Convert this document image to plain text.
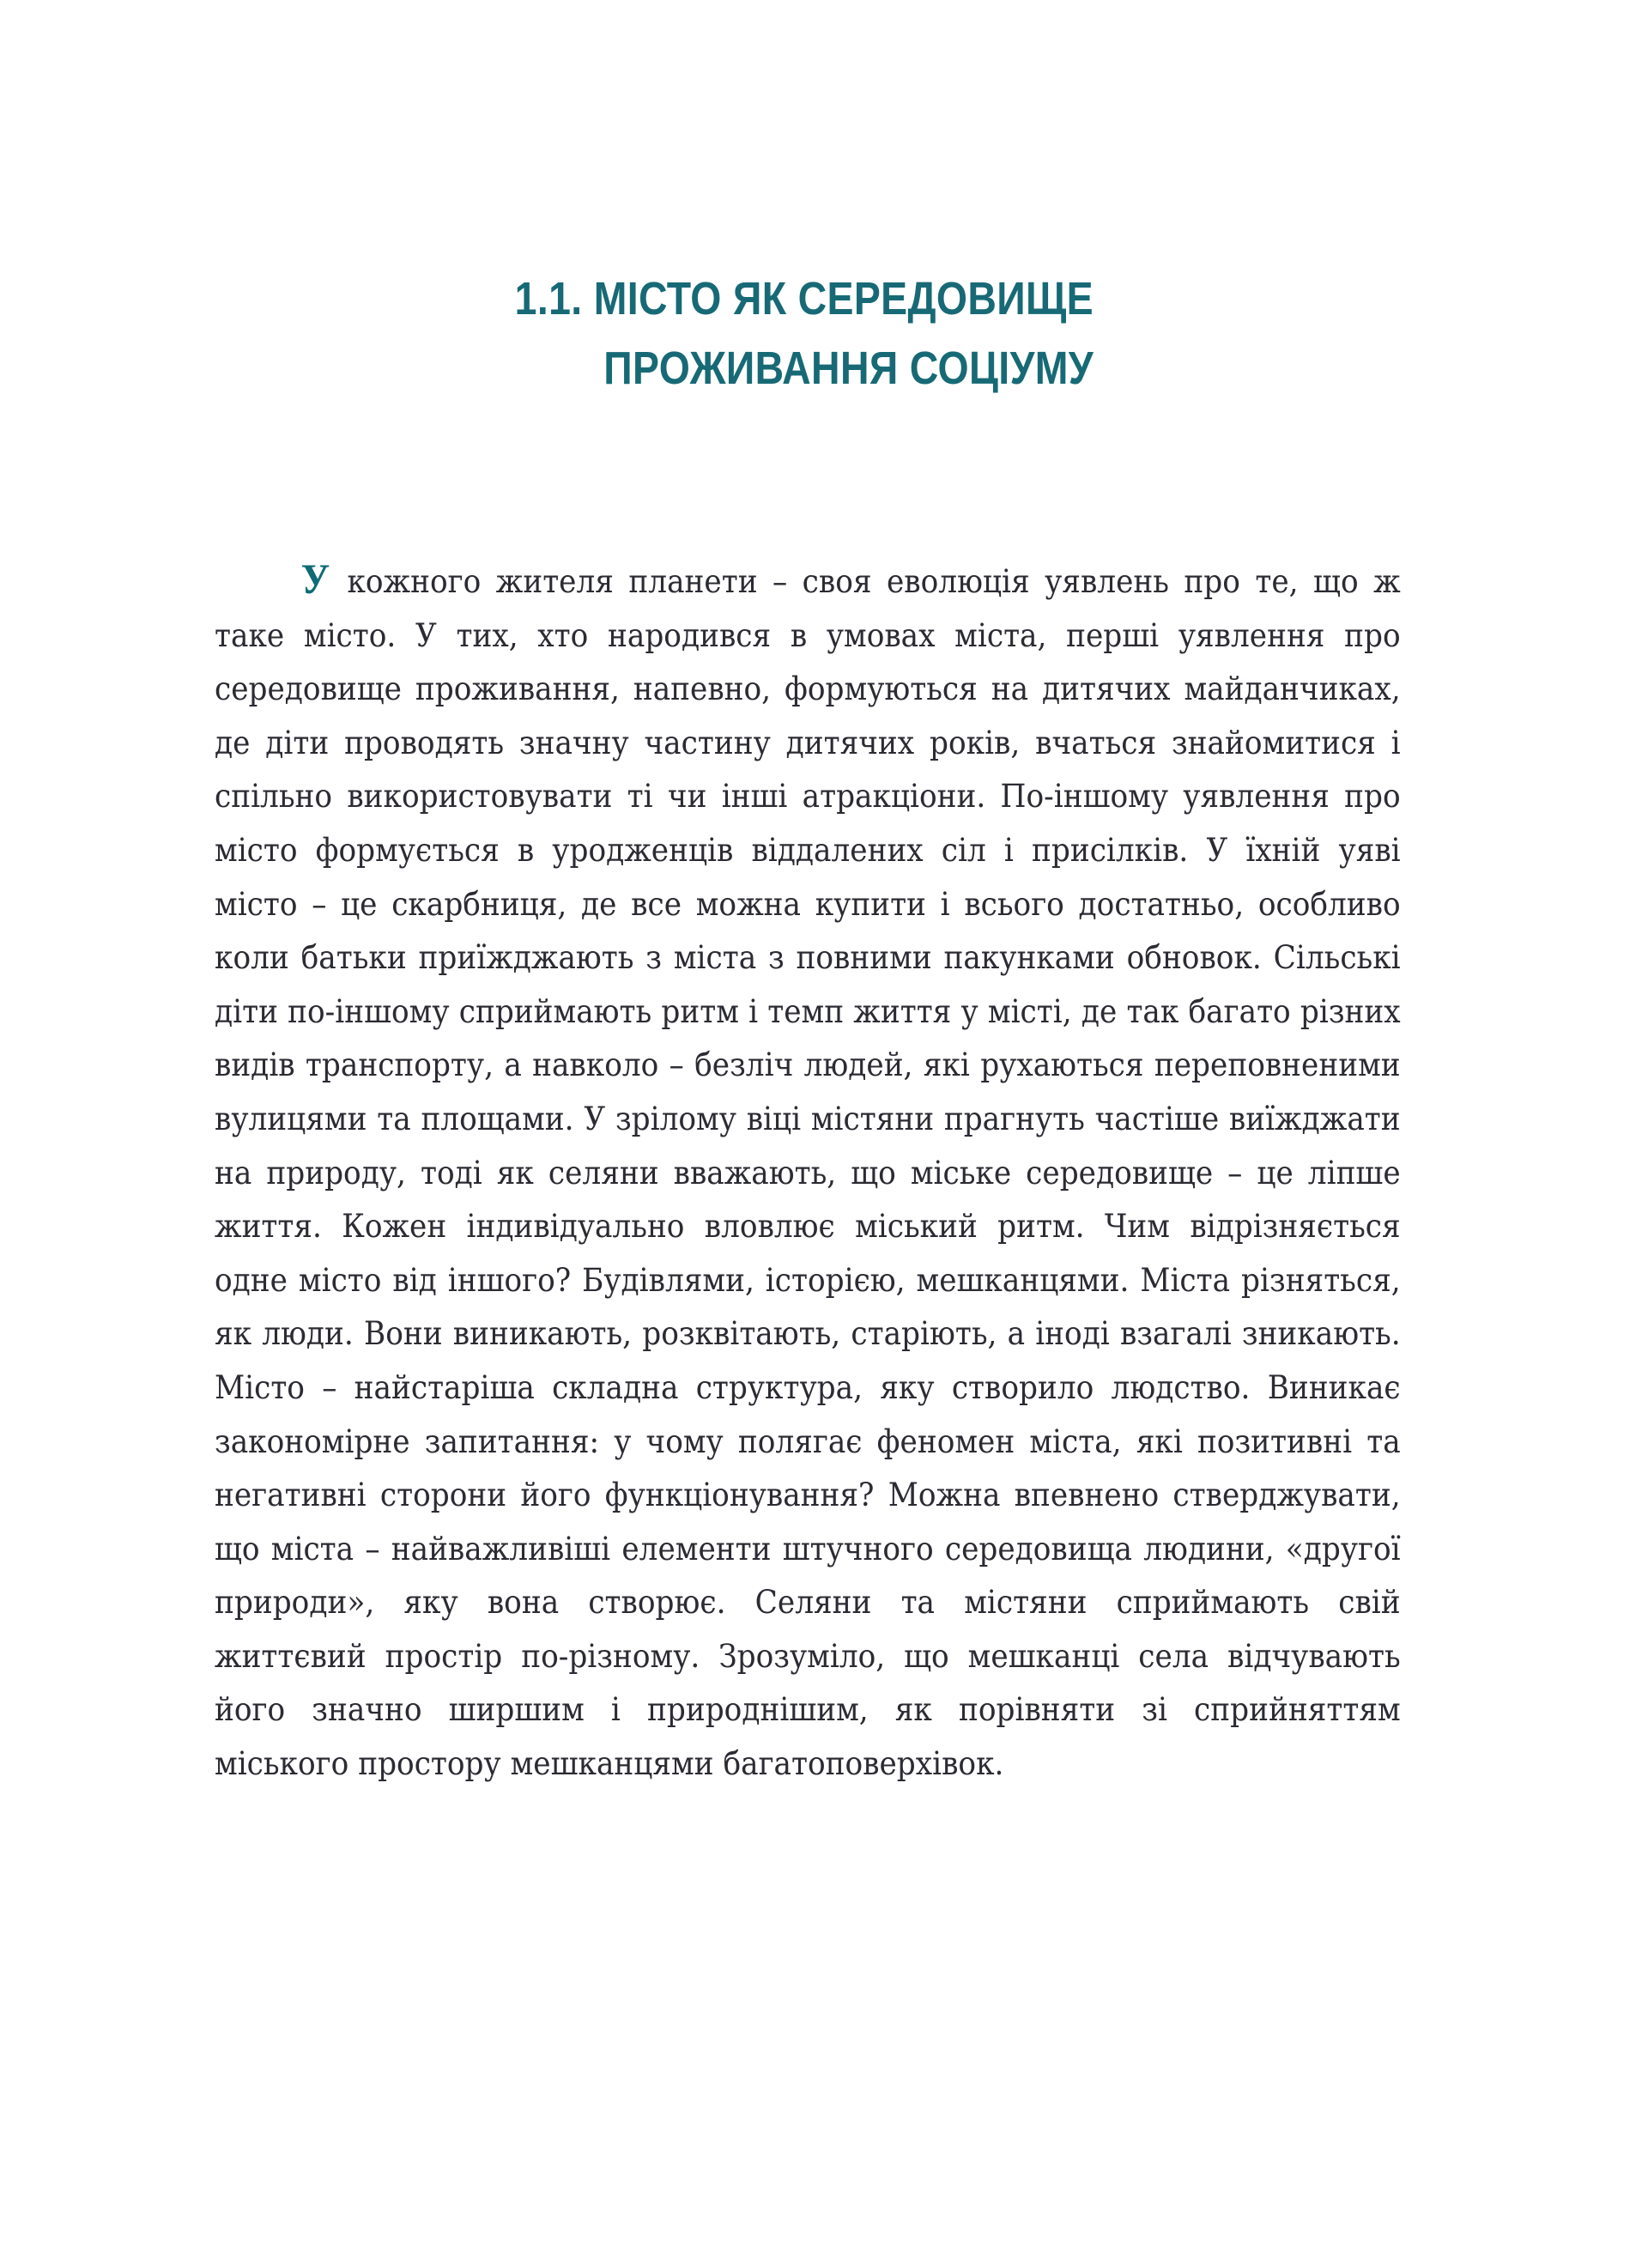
1.1. МІСТО ЯК СЕРЕДОВИЩЕ
ПРОЖИВАННЯ СОЦІУМУ

У кожного жителя планети – своя еволюція уявлень про те, що ж таке місто. У тих, хто народився в умовах міста, перші уявлення про середовище проживання, напевно, формуються на дитячих майданчиках, де діти проводять значну частину дитячих років, вчаться знайомитися і спільно використовувати ті чи інші атракціони. По-іншому уявлення про місто формується в уродженців віддалених сіл і присілків. У їхній уяві місто – це скарбниця, де все можна купити і всього достатньо, особливо коли батьки приїжджають з міста з повними пакунками обновок. Сільські діти по-іншому сприймають ритм і темп життя у місті, де так багато різних видів транспорту, а навколо – безліч людей, які рухаються переповненими вулицями та площами. У зрілому віці містяни прагнуть частіше виїжджати на природу, тоді як селяни вважають, що міське середовище – це ліпше життя. Кожен індивідуально вловлює міський ритм. Чим відрізняється одне місто від іншого? Будівлями, історією, мешканцями. Міста різняться, як люди. Вони виникають, розквітають, старіють, а іноді взагалі зникають. Місто – найстаріша складна структура, яку створило людство. Виникає закономірне запитання: у чому полягає феномен міста, які позитивні та негативні сторони його функціонування? Можна впевнено стверджувати, що міста – найважливіші елементи штучного середовища людини, «другої природи», яку вона створює. Селяни та містяни сприймають свій життєвий простір по-різному. Зрозуміло, що мешканці села відчувають його значно ширшим і природнішим, як порівняти зі сприйняттям міського простору мешканцями багатоповерхівок.
